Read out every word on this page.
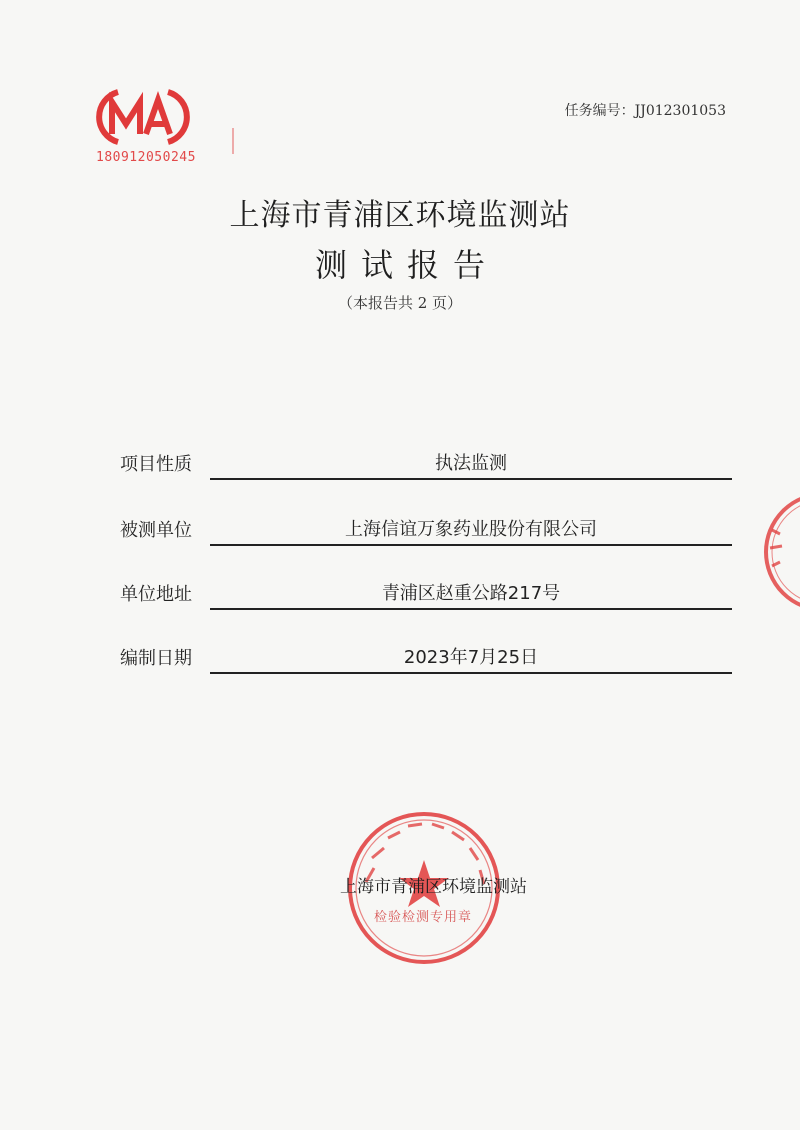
180912050245
任务编号：JJ012301053
上海市青浦区环境监测站
测试报告
（本报告共 2 页）
项目性质	执法监测
被测单位	上海信谊万象药业股份有限公司
单位地址	青浦区赵重公路217号
编制日期	2023年7月25日
上海市青浦区环境监测站
检验检测专用章
